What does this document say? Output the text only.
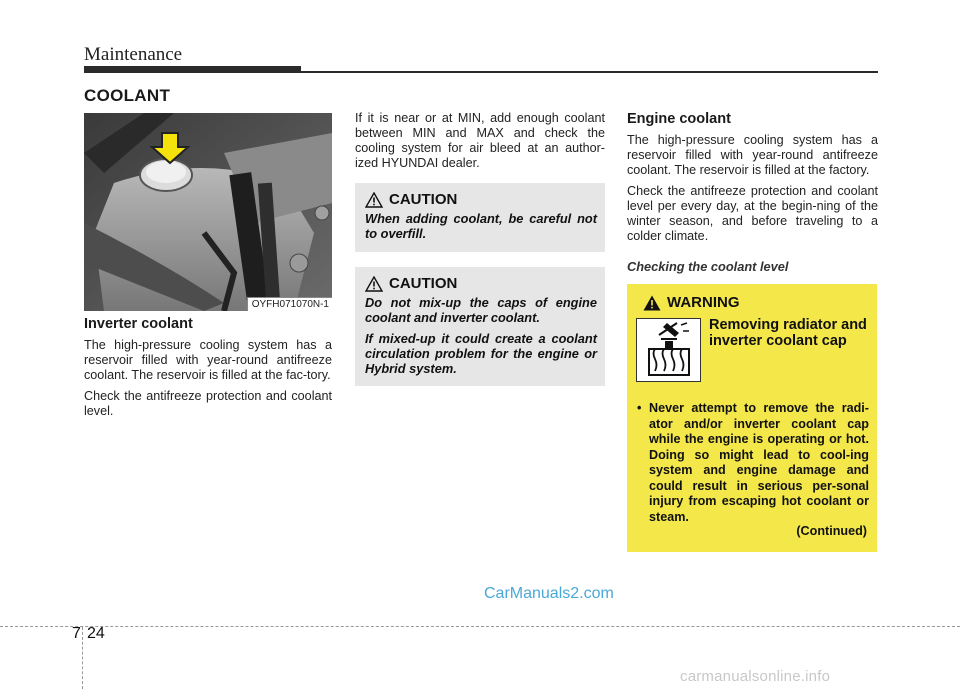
Maintenance
COOLANT
OYFH071070N-1
Inverter coolant

The high-pressure cooling system has a reservoir filled with year-round antifreeze coolant. The reservoir is filled at the fac-tory.

Check the antifreeze protection and coolant level.

If it is near or at MIN, add enough coolant between MIN and MAX and check the cooling system for air bleed at an author-ized HYUNDAI dealer.

CAUTION

When adding coolant, be careful not to overfill.

CAUTION

Do not mix-up the caps of engine coolant and inverter coolant.

If mixed-up it could create a coolant circulation problem for the engine or Hybrid system.

Engine coolant

The high-pressure cooling system has a reservoir filled with year-round antifreeze coolant. The reservoir is filled at the factory.

Check the antifreeze protection and coolant level per every day, at the begin-ning of the winter season, and before traveling to a colder climate.

Checking the coolant level
WARNING
Removing radiator and inverter coolant cap
• Never attempt to remove the radi-ator and/or inverter coolant cap while the engine is operating or hot. Doing so might lead to cool-ing system and engine damage and could result in serious per-sonal injury from escaping hot coolant or steam.
(Continued)
CarManuals2.com
7 24
carmanualsonline.info
